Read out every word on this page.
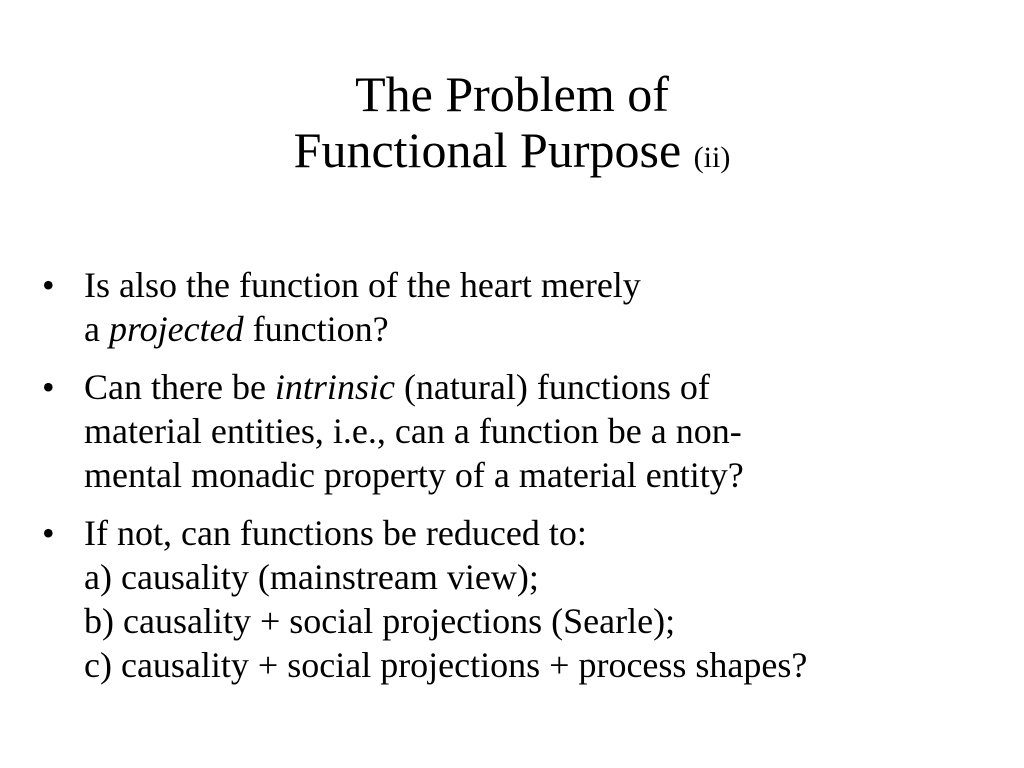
The Problem of
Functional Purpose (ii)
• Is also the function of the heart merely
a projected function?
• Can there be intrinsic (natural) functions of
material entities, i.e., can a function be a non-
mental monadic property of a material entity?
• If not, can functions be reduced to:
a) causality (mainstream view);
b) causality + social projections (Searle);
c) causality + social projections + process shapes?
